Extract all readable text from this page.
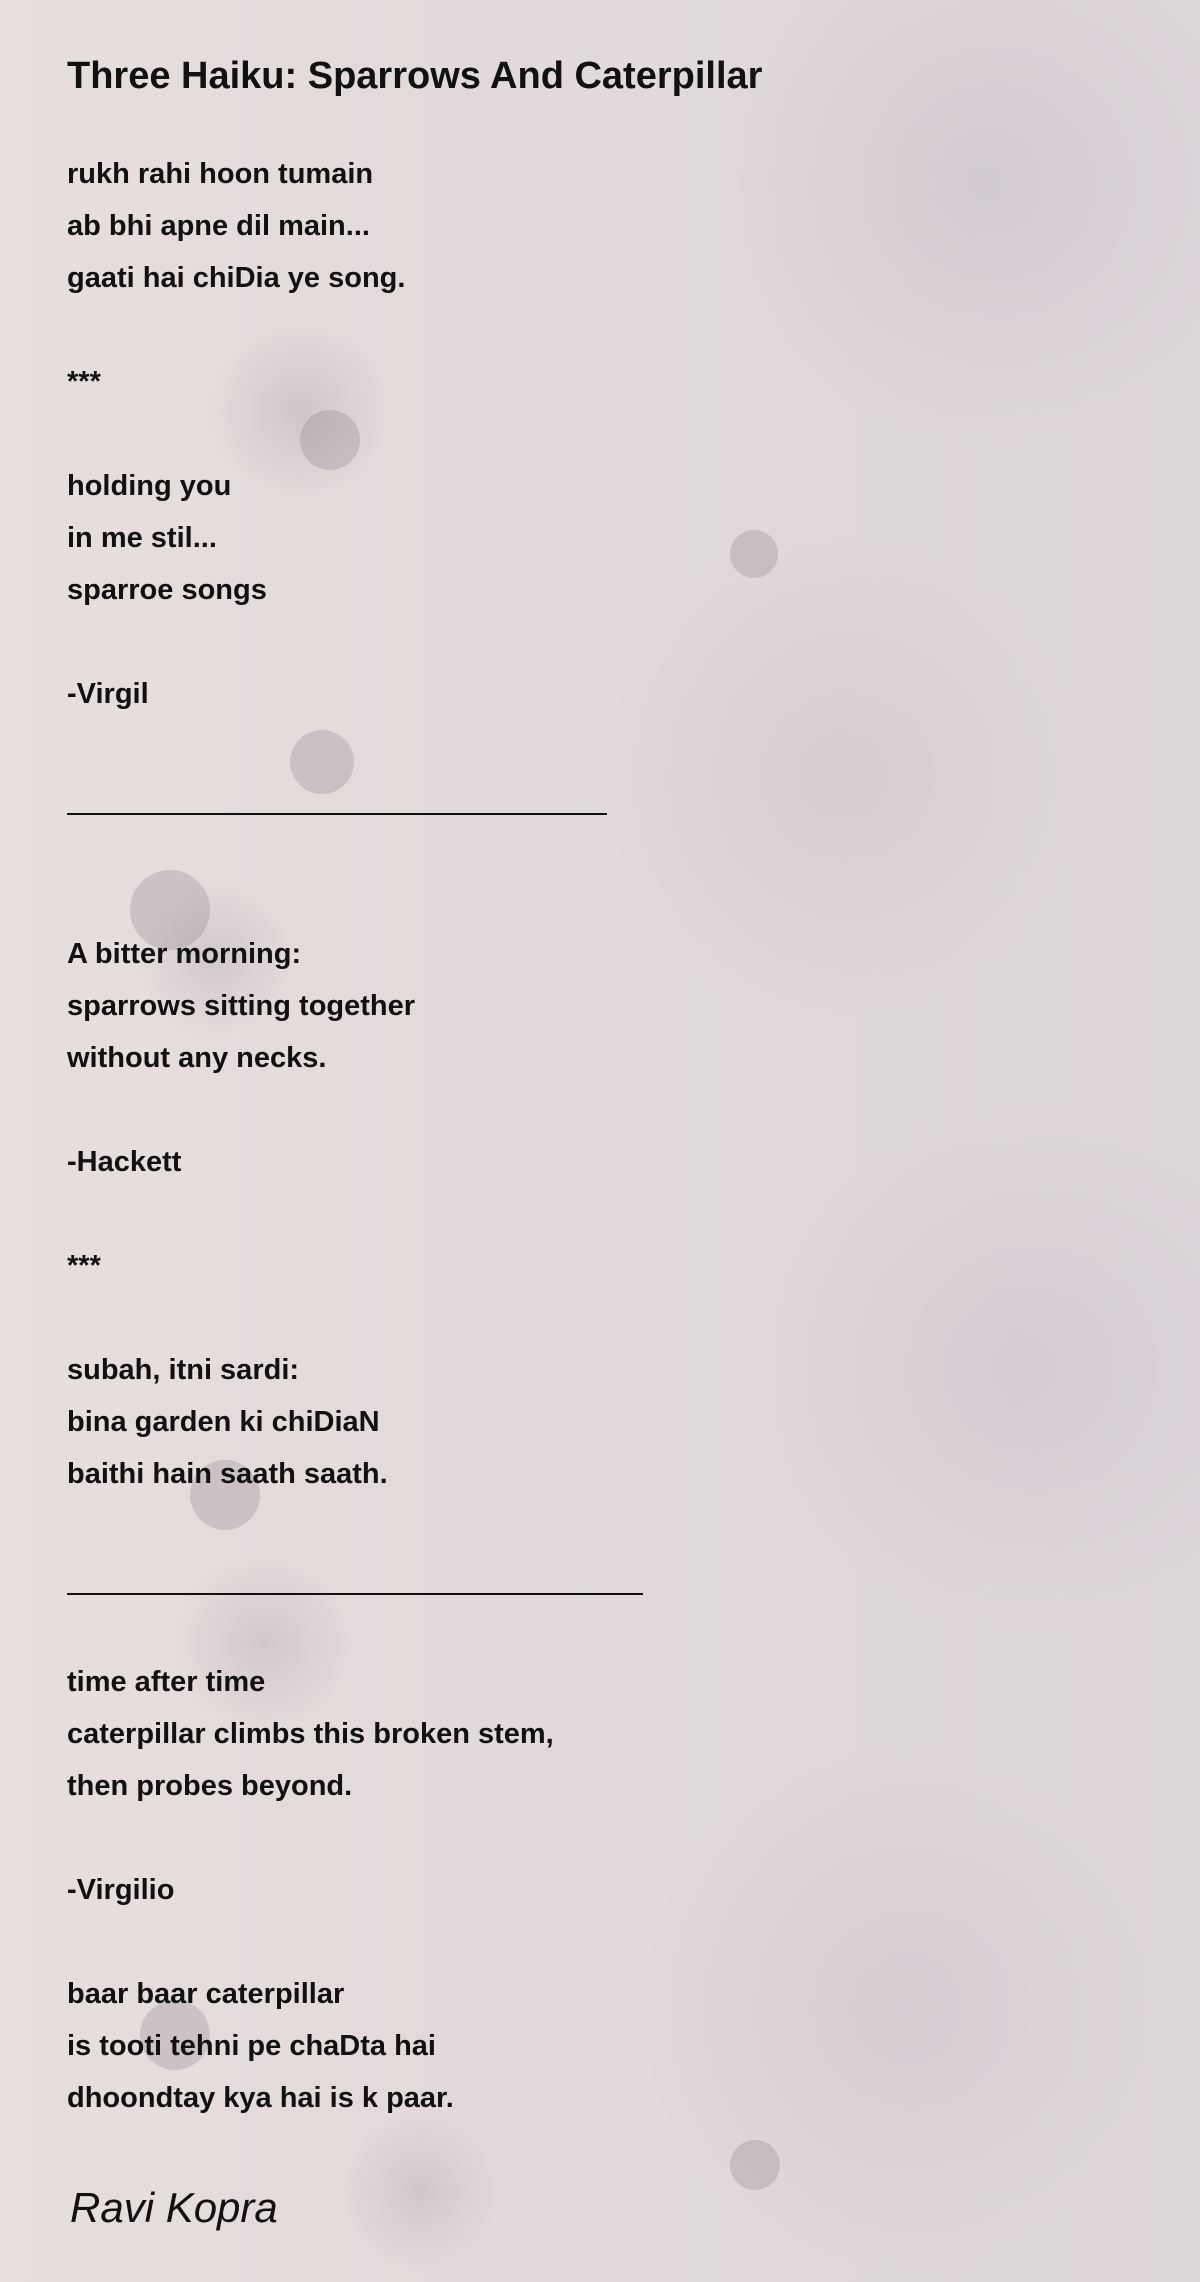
Three Haiku: Sparrows And Caterpillar
rukh rahi hoon tumain
ab bhi apne dil main...
gaati hai chiDia ye song.
***
holding you
in me stil...
sparroe songs
-Virgil
A bitter morning:
sparrows sitting together
without any necks.
-Hackett
***
subah, itni sardi:
bina garden ki chiDiaN
baithi hain saath saath.
time after time
caterpillar climbs this broken stem,
then probes beyond.
-Virgilio
baar baar caterpillar
is tooti tehni pe chaDta hai
dhoondtay kya hai is k paar.
Ravi Kopra
